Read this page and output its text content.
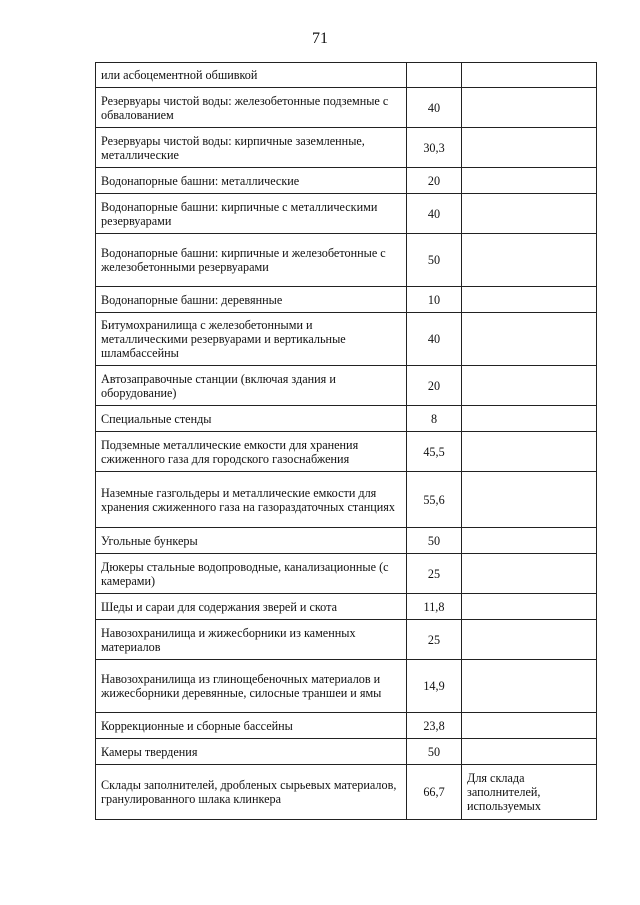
71
или асбоцементной обшивкой		
Резервуары чистой воды: железобетонные подземные с обвалованием	40	
Резервуары чистой воды: кирпичные заземленные, металлические	30,3	
Водонапорные башни: металлические	20	
Водонапорные башни: кирпичные с металлическими резервуарами	40	
Водонапорные башни: кирпичные и железобетонные с железобетонными резервуарами	50	
Водонапорные башни: деревянные	10	
Битумохранилища с железобетонными и металлическими резервуарами и вертикальные шламбассейны	40	
Автозаправочные станции (включая здания и оборудование)	20	
Специальные стенды	8	
Подземные металлические емкости для хранения сжиженного газа для городского газоснабжения	45,5	
Наземные газгольдеры и металлические емкости для хранения сжиженного газа на газораздаточных станциях	55,6	
Угольные бункеры	50	
Дюкеры стальные водопроводные, канализационные (с камерами)	25	
Шеды и сараи для содержания зверей и скота	11,8	
Навозохранилища и жижесборники из каменных материалов	25	
Навозохранилища из глинощебеночных материалов и жижесборники деревянные, силосные траншеи и ямы	14,9	
Коррекционные и сборные бассейны	23,8	
Камеры твердения	50	
Склады заполнителей, дробленых сырьевых материалов, гранулированного шлака клинкера	66,7	Для склада заполнителей, используемых
